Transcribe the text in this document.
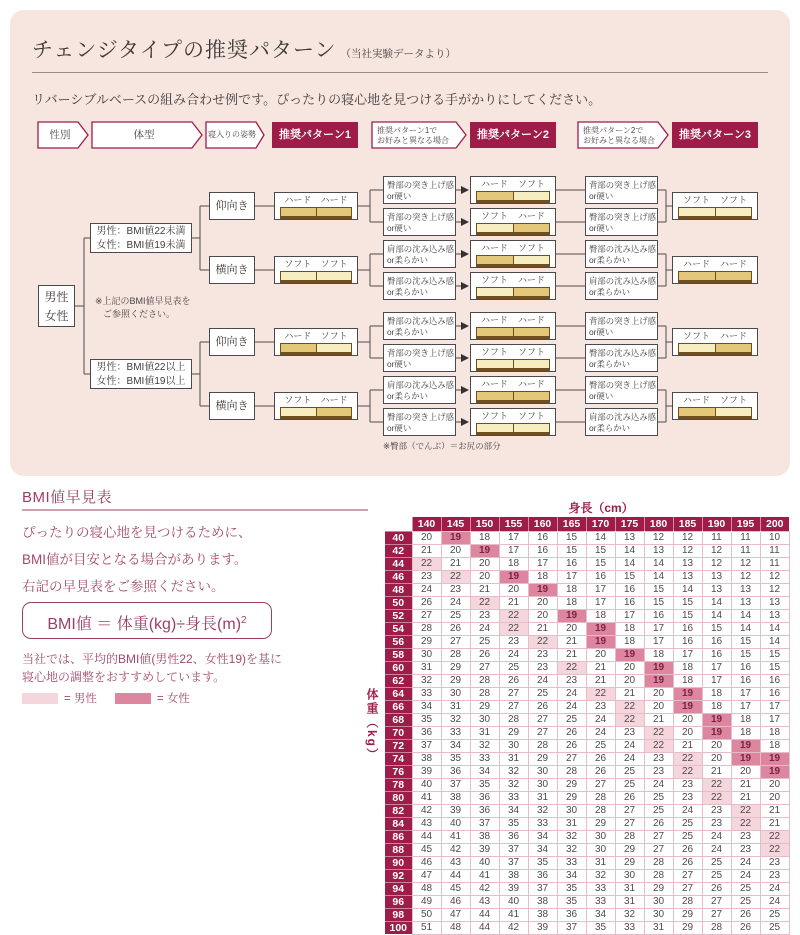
チェンジタイプの推奨パターン （当社実験データより）
リバーシブルベースの組み合わせ例です。ぴったりの寝心地を見つける手がかりにしてください。
性別	体型	寝入りの姿勢	推奨パターン1	推奨パターン1で
お好みと異なる場合	推奨パターン2	推奨パターン2で
お好みと異なる場合	推奨パターン3
男性
女性
男性：BMI値22未満
女性：BMI値19未満
男性：BMI値22以上
女性：BMI値19以上
※上記のBMI値早見表を
ご参照ください。
※臀部（でんぶ）＝お尻の部分
仰向き	ハード ハード	ソフト ソフト
臀部の突き上げ感
or硬い
ハード ソフト	背部の突き上げ感
or硬い
背部の突き上げ感
or硬い
ソフト ハード	臀部の突き上げ感
or硬い
横向き	ソフト ソフト	ハード ハード
肩部の沈み込み感
or柔らかい
ハード ソフト	臀部の沈み込み感
or柔らかい
臀部の沈み込み感
or柔らかい
ソフト ハード	肩部の沈み込み感
or柔らかい
仰向き	ハード ソフト	ソフト ハード
臀部の沈み込み感
or柔らかい
ハード ハード	背部の突き上げ感
or硬い
背部の突き上げ感
or硬い
ソフト ソフト	臀部の沈み込み感
or柔らかい
横向き	ソフト ハード	ハード ソフト
肩部の沈み込み感
or柔らかい
ハード ハード	臀部の突き上げ感
or硬い
臀部の突き上げ感
or硬い
ソフト ソフト	肩部の沈み込み感
or柔らかい
BMI値早見表
ぴったりの寝心地を見つけるために、
BMI値が目安となる場合があります。
右記の早見表をご参照ください。
BMI値 ＝ 体重(kg)÷身長$(m)^2$
当社では、平均的BMI値(男性22、女性19)を基に
寝心地の調整をおすすめしています。
= 男性	= 女性
身長（cm）
体重（kg）
	140	145	150	155	160	165	170	175	180	185	190	195	200
40	20	19	18	17	16	15	14	13	12	12	11	11	10
42	21	20	19	17	16	15	15	14	13	12	12	11	11
44	22	21	20	18	17	16	15	14	14	13	12	12	11
46	23	22	20	19	18	17	16	15	14	13	13	12	12
48	24	23	21	20	19	18	17	16	15	14	13	13	12
50	26	24	22	21	20	18	17	16	15	15	14	13	13
52	27	25	23	22	20	19	18	17	16	15	14	14	13
54	28	26	24	22	21	20	19	18	17	16	15	14	14
56	29	27	25	23	22	21	19	18	17	16	16	15	14
58	30	28	26	24	23	21	20	19	18	17	16	15	15
60	31	29	27	25	23	22	21	20	19	18	17	16	15
62	32	29	28	26	24	23	21	20	19	18	17	16	16
64	33	30	28	27	25	24	22	21	20	19	18	17	16
66	34	31	29	27	26	24	23	22	20	19	18	17	17
68	35	32	30	28	27	25	24	22	21	20	19	18	17
70	36	33	31	29	27	26	24	23	22	20	19	18	18
72	37	34	32	30	28	26	25	24	22	21	20	19	18
74	38	35	33	31	29	27	26	24	23	22	20	19	19
76	39	36	34	32	30	28	26	25	23	22	21	20	19
78	40	37	35	32	30	29	27	25	24	23	22	21	20
80	41	38	36	33	31	29	28	26	25	23	22	21	20
82	42	39	36	34	32	30	28	27	25	24	23	22	21
84	43	40	37	35	33	31	29	27	26	25	23	22	21
86	44	41	38	36	34	32	30	28	27	25	24	23	22
88	45	42	39	37	34	32	30	29	27	26	24	23	22
90	46	43	40	37	35	33	31	29	28	26	25	24	23
92	47	44	41	38	36	34	32	30	28	27	25	24	23
94	48	45	42	39	37	35	33	31	29	27	26	25	24
96	49	46	43	40	38	35	33	31	30	28	27	25	24
98	50	47	44	41	38	36	34	32	30	29	27	26	25
100	51	48	44	42	39	37	35	33	31	29	28	26	25
